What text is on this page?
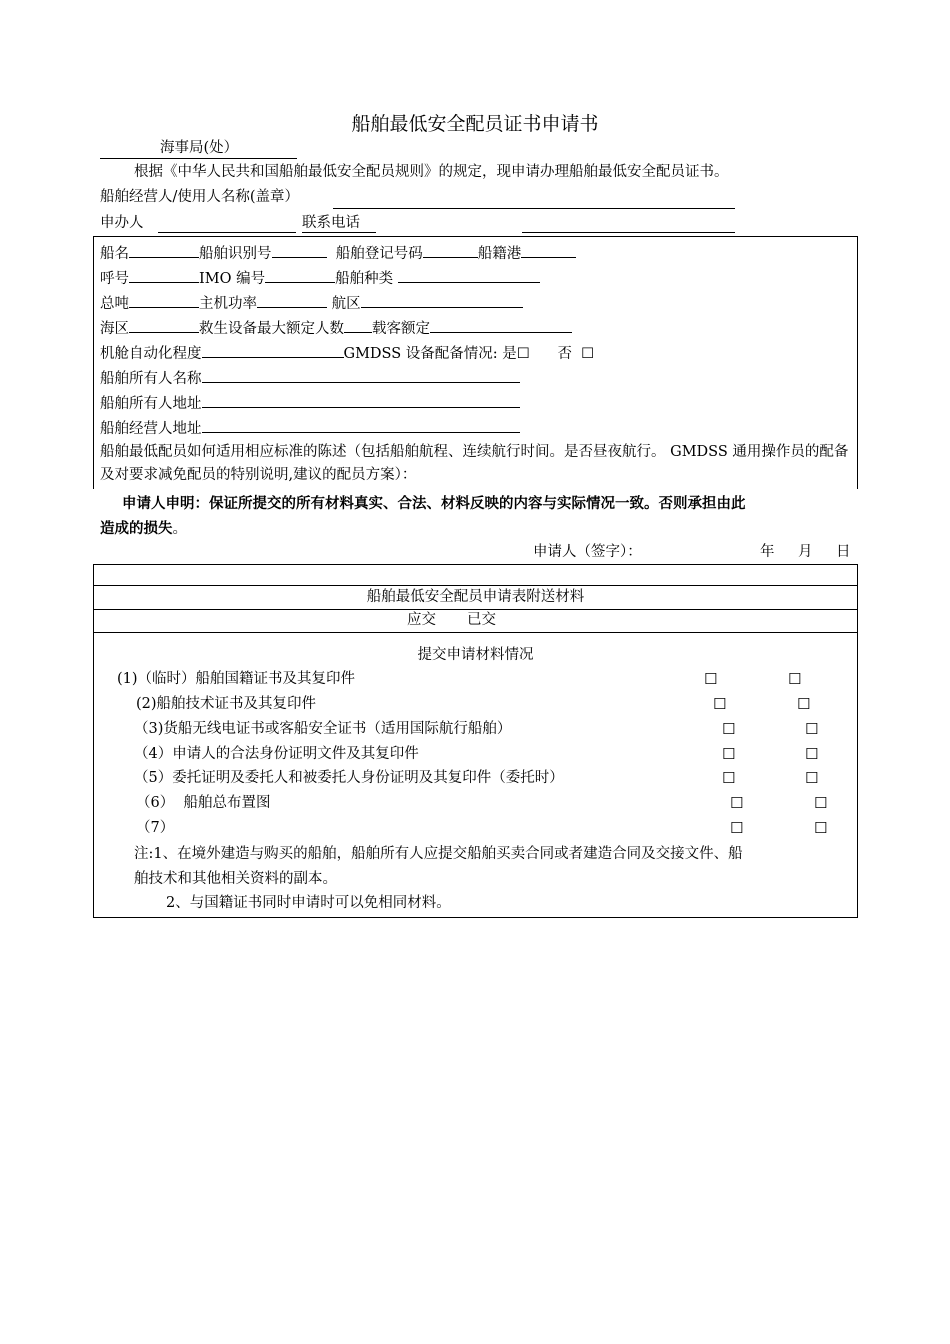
船舶最低安全配员证书申请书
海事局(处）
根据《中华人民共和国船舶最低安全配员规则》的规定，现申请办理船舶最低安全配员证书。
船舶经营人/使用人名称(盖章）
申办人	联系电话
船名	船舶识别号	船舶登记号码	船籍港
呼号	IMO 编号	船舶种类
总吨	主机功率	航区
海区	救生设备最大额定人数 载客额定
机舱自动化程度	GMDSS 设备配备情况: 是☐ 否 ☐
船舶所有人名称
船舶所有人地址
船舶经营人地址
船舶最低配员如何适用相应标准的陈述（包括船舶航程、连续航行时间。是否昼夜航行。 GMDSS 通用操作员的配备及对要求减免配员的特别说明,建议的配员方案）：
申请人申明：保证所提交的所有材料真实、合法、材料反映的内容与实际情况一致。否则承担由此
造成的损失。
申请人（签字）：	年 月 日
船舶最低安全配员申请表附送材料
应交 已交
提交申请材料情况
(1)（临时）船舶国籍证书及其复印件	☐	☐
(2)船舶技术证书及其复印件	☐	☐
（3)货船无线电证书或客船安全证书（适用国际航行船舶）	☐	☐
（4）申请人的合法身份证明文件及其复印件	☐	☐
（5）委托证明及委托人和被委托人身份证明及其复印件（委托时）	☐	☐
（6）  船舶总布置图	☐	☐
（7）	☐	☐
注:1、在境外建造与购买的船舶，船舶所有人应提交船舶买卖合同或者建造合同及交接文件、船
舶技术和其他相关资料的副本。
2、与国籍证书同时申请时可以免相同材料。
